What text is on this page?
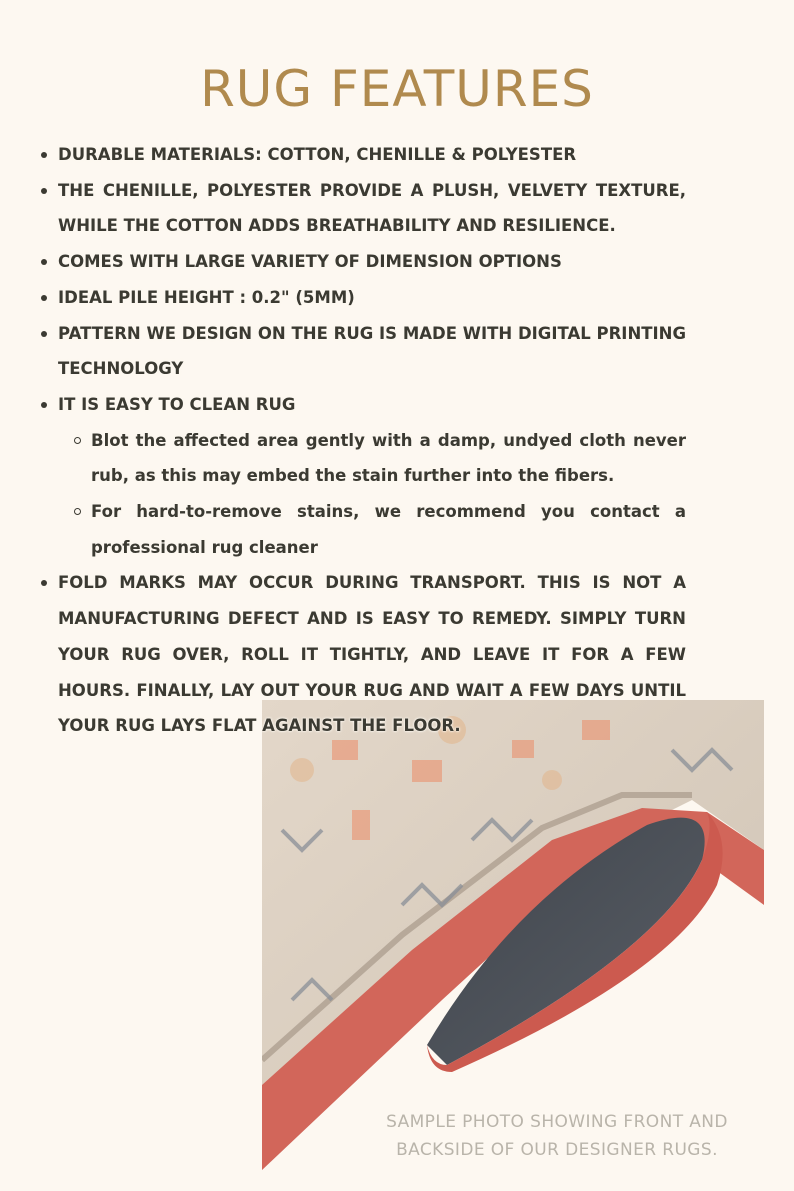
RUG FEATURES
DURABLE MATERIALS: COTTON, CHENILLE & POLYESTER
THE CHENILLE, POLYESTER PROVIDE A PLUSH, VELVETY TEXTURE, WHILE THE COTTON ADDS BREATHABILITY AND RESILIENCE.
COMES WITH LARGE VARIETY OF DIMENSION OPTIONS
IDEAL PILE HEIGHT : 0.2" (5MM)
PATTERN WE DESIGN ON THE RUG IS MADE WITH DIGITAL PRINTING TECHNOLOGY
IT IS EASY TO CLEAN RUG
Blot the affected area gently with a damp, undyed cloth never rub, as this may embed the stain further into the fibers.
For hard-to-remove stains, we recommend you contact a professional rug cleaner
FOLD MARKS MAY OCCUR DURING TRANSPORT. THIS IS NOT A MANUFACTURING DEFECT AND IS EASY TO REMEDY. SIMPLY TURN YOUR RUG OVER, ROLL IT TIGHTLY, AND LEAVE IT FOR A FEW HOURS. FINALLY, LAY OUT YOUR RUG AND WAIT A FEW DAYS UNTIL YOUR RUG LAYS FLAT AGAINST THE FLOOR.
SAMPLE PHOTO SHOWING FRONT AND
BACKSIDE OF OUR DESIGNER RUGS.
